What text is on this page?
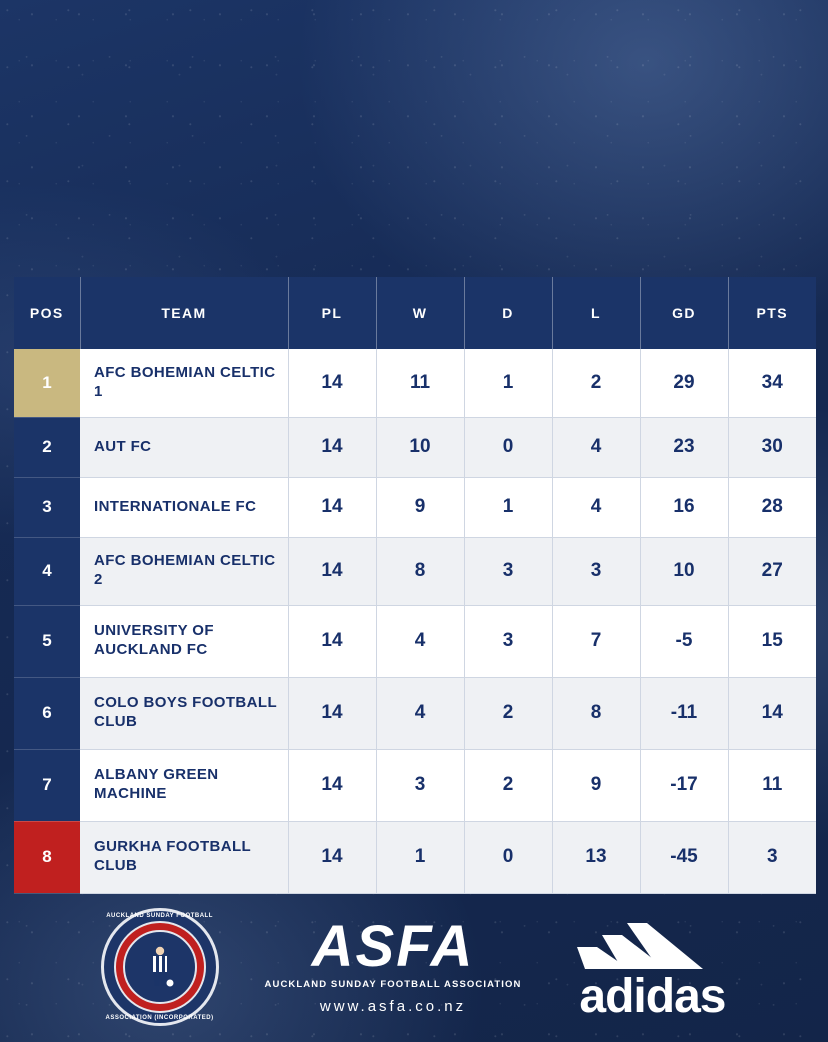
POS	TEAM	PL	W	D	L	GD	PTS
1	AFC BOHEMIAN CELTIC 1	14	11	1	2	29	34
2	AUT FC	14	10	0	4	23	30
3	INTERNATIONALE FC	14	9	1	4	16	28
4	AFC BOHEMIAN CELTIC 2	14	8	3	3	10	27
5	UNIVERSITY OF AUCKLAND FC	14	4	3	7	-5	15
6	COLO BOYS FOOTBALL CLUB	14	4	2	8	-11	14
7	ALBANY GREEN MACHINE	14	3	2	9	-17	11
8	GURKHA FOOTBALL CLUB	14	1	0	13	-45	3
AUCKLAND SUNDAY FOOTBALL
ASSOCIATION (INCORPORATED)
ASFA
AUCKLAND SUNDAY FOOTBALL ASSOCIATION
www.asfa.co.nz	adidas
